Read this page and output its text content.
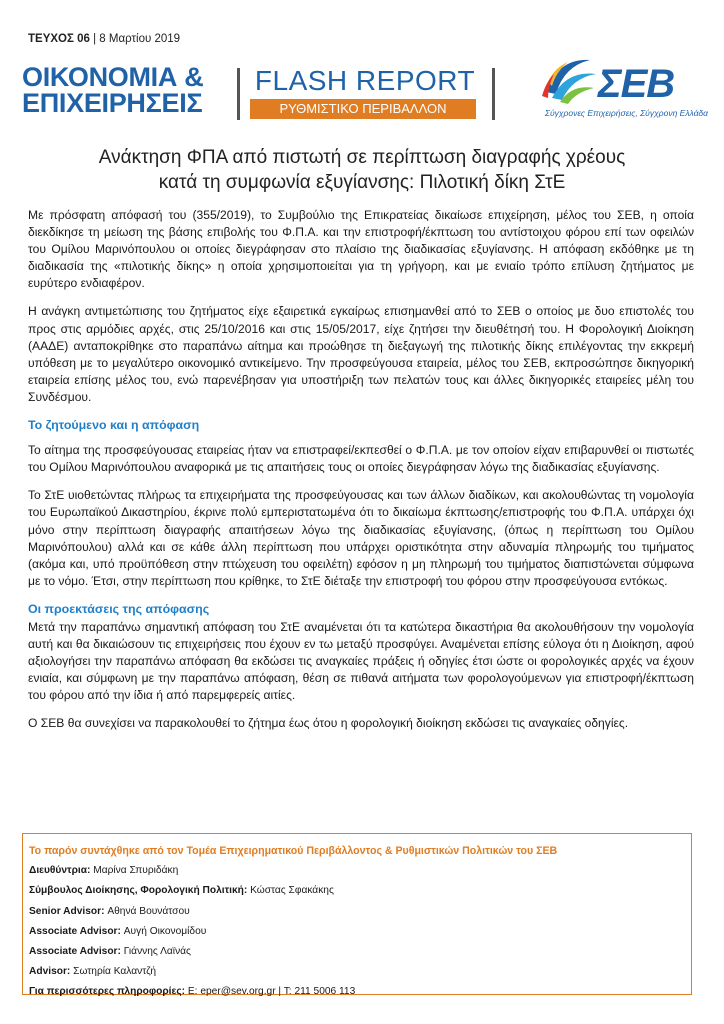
ΤΕΥΧΟΣ 06 | 8 Μαρτίου 2019
ΟΙΚΟΝΟΜΙΑ &
ΕΠΙΧΕΙΡΗΣΕΙΣ
FLASH REPORT
ΡΥΘΜΙΣΤΙΚΟ ΠΕΡΙΒΑΛΛΟΝ
ΣΕΒ
Σύγχρονες Επιχειρήσεις, Σύγχρονη Ελλάδα
Ανάκτηση ΦΠΑ από πιστωτή σε περίπτωση διαγραφής χρέους
κατά τη συμφωνία εξυγίανσης: Πιλοτική δίκη ΣτΕ

Με πρόσφατη απόφασή του (355/2019), το Συμβούλιο της Επικρατείας δικαίωσε επιχείρηση, μέλος του ΣΕΒ, η οποία διεκδίκησε τη μείωση της βάσης επιβολής του Φ.Π.Α. και την επιστροφή/έκπτωση του αντίστοιχου φόρου επί των οφειλών του Ομίλου Μαρινόπουλου οι οποίες διεγράφησαν στο πλαίσιο της διαδικασίας εξυγίανσης. Η απόφαση εκδόθηκε με τη διαδικασία της «πιλοτικής δίκης» η οποία χρησιμοποιείται για τη γρήγορη, και με ενιαίο τρόπο επίλυση ζητήματος με ευρύτερο ενδιαφέρον.

Η ανάγκη αντιμετώπισης του ζητήματος είχε εξαιρετικά εγκαίρως επισημανθεί από το ΣΕΒ ο οποίος με δυο επιστολές του προς στις αρμόδιες αρχές, στις 25/10/2016 και στις 15/05/2017, είχε ζητήσει την διευθέτησή του. Η Φορολογική Διοίκηση (ΑΑΔΕ) ανταποκρίθηκε στο παραπάνω αίτημα και προώθησε τη διεξαγωγή της πιλοτικής δίκης επιλέγοντας την εκκρεμή υπόθεση με το μεγαλύτερο οικονομικό αντικείμενο. Την προσφεύγουσα εταιρεία, μέλος του ΣΕΒ, εκπροσώπησε δικηγορική εταιρεία επίσης μέλος του, ενώ παρενέβησαν για υποστήριξη των πελατών τους και άλλες δικηγορικές εταιρείες μέλη του Συνδέσμου.

Το ζητούμενο και η απόφαση

Το αίτημα της προσφεύγουσας εταιρείας ήταν να επιστραφεί/εκπεσθεί ο Φ.Π.Α. με τον οποίον είχαν επιβαρυνθεί οι πιστωτές του Ομίλου Μαρινόπουλου αναφορικά με τις απαιτήσεις τους οι οποίες διεγράφησαν λόγω της διαδικασίας εξυγίανσης.

Το ΣτΕ υιοθετώντας πλήρως τα επιχειρήματα της προσφεύγουσας και των άλλων διαδίκων, και ακολουθώντας τη νομολογία του Ευρωπαϊκού Δικαστηρίου, έκρινε πολύ εμπεριστατωμένα ότι το δικαίωμα έκπτωσης/επιστροφής του Φ.Π.Α. υπάρχει όχι μόνο στην περίπτωση διαγραφής απαιτήσεων λόγω της διαδικασίας εξυγίανσης, (όπως η περίπτωση του Ομίλου Μαρινόπουλου) αλλά και σε κάθε άλλη περίπτωση που υπάρχει οριστικότητα στην αδυναμία πληρωμής του τιμήματος (ακόμα και, υπό προϋπόθεση στην πτώχευση του οφειλέτη) εφόσον η μη πληρωμή του τιμήματος διαπιστώνεται σύμφωνα με το νόμο. Έτσι, στην περίπτωση που κρίθηκε, το ΣτΕ διέταξε την επιστροφή του φόρου στην προσφεύγουσα εντόκως.

Οι προεκτάσεις της απόφασης

Μετά την παραπάνω σημαντική απόφαση του ΣτΕ αναμένεται ότι τα κατώτερα δικαστήρια θα ακολουθήσουν την νομολογία αυτή και θα δικαιώσουν τις επιχειρήσεις που έχουν εν τω μεταξύ προσφύγει. Αναμένεται επίσης εύλογα ότι η Διοίκηση, αφού αξιολογήσει την παραπάνω απόφαση θα εκδώσει τις αναγκαίες πράξεις ή οδηγίες έτσι ώστε οι φορολογικές αρχές να έχουν ενιαία, και σύμφωνη με την παραπάνω απόφαση, θέση σε πιθανά αιτήματα των φορολογούμενων για επιστροφή/έκπτωση του φόρου από την ίδια ή από παρεμφερείς αιτίες.

Ο ΣΕΒ θα συνεχίσει να παρακολουθεί το ζήτημα έως ότου η φορολογική διοίκηση εκδώσει τις αναγκαίες οδηγίες.

Το παρόν συντάχθηκε από τον Τομέα Επιχειρηματικού Περιβάλλοντος & Ρυθμιστικών Πολιτικών του ΣΕΒ
Διευθύντρια: Μαρίνα Σπυριδάκη
Σύμβουλος Διοίκησης, Φορολογική Πολιτική: Κώστας Σφακάκης
Senior Advisor: Αθηνά Βουνάτσου
Associate Advisor: Αυγή Οικονομίδου
Associate Advisor: Γιάννης Λαϊνάς
Advisor: Σωτηρία Καλαντζή
Για περισσότερες πληροφορίες: E: eper@sev.org.gr | T: 211 5006 113
